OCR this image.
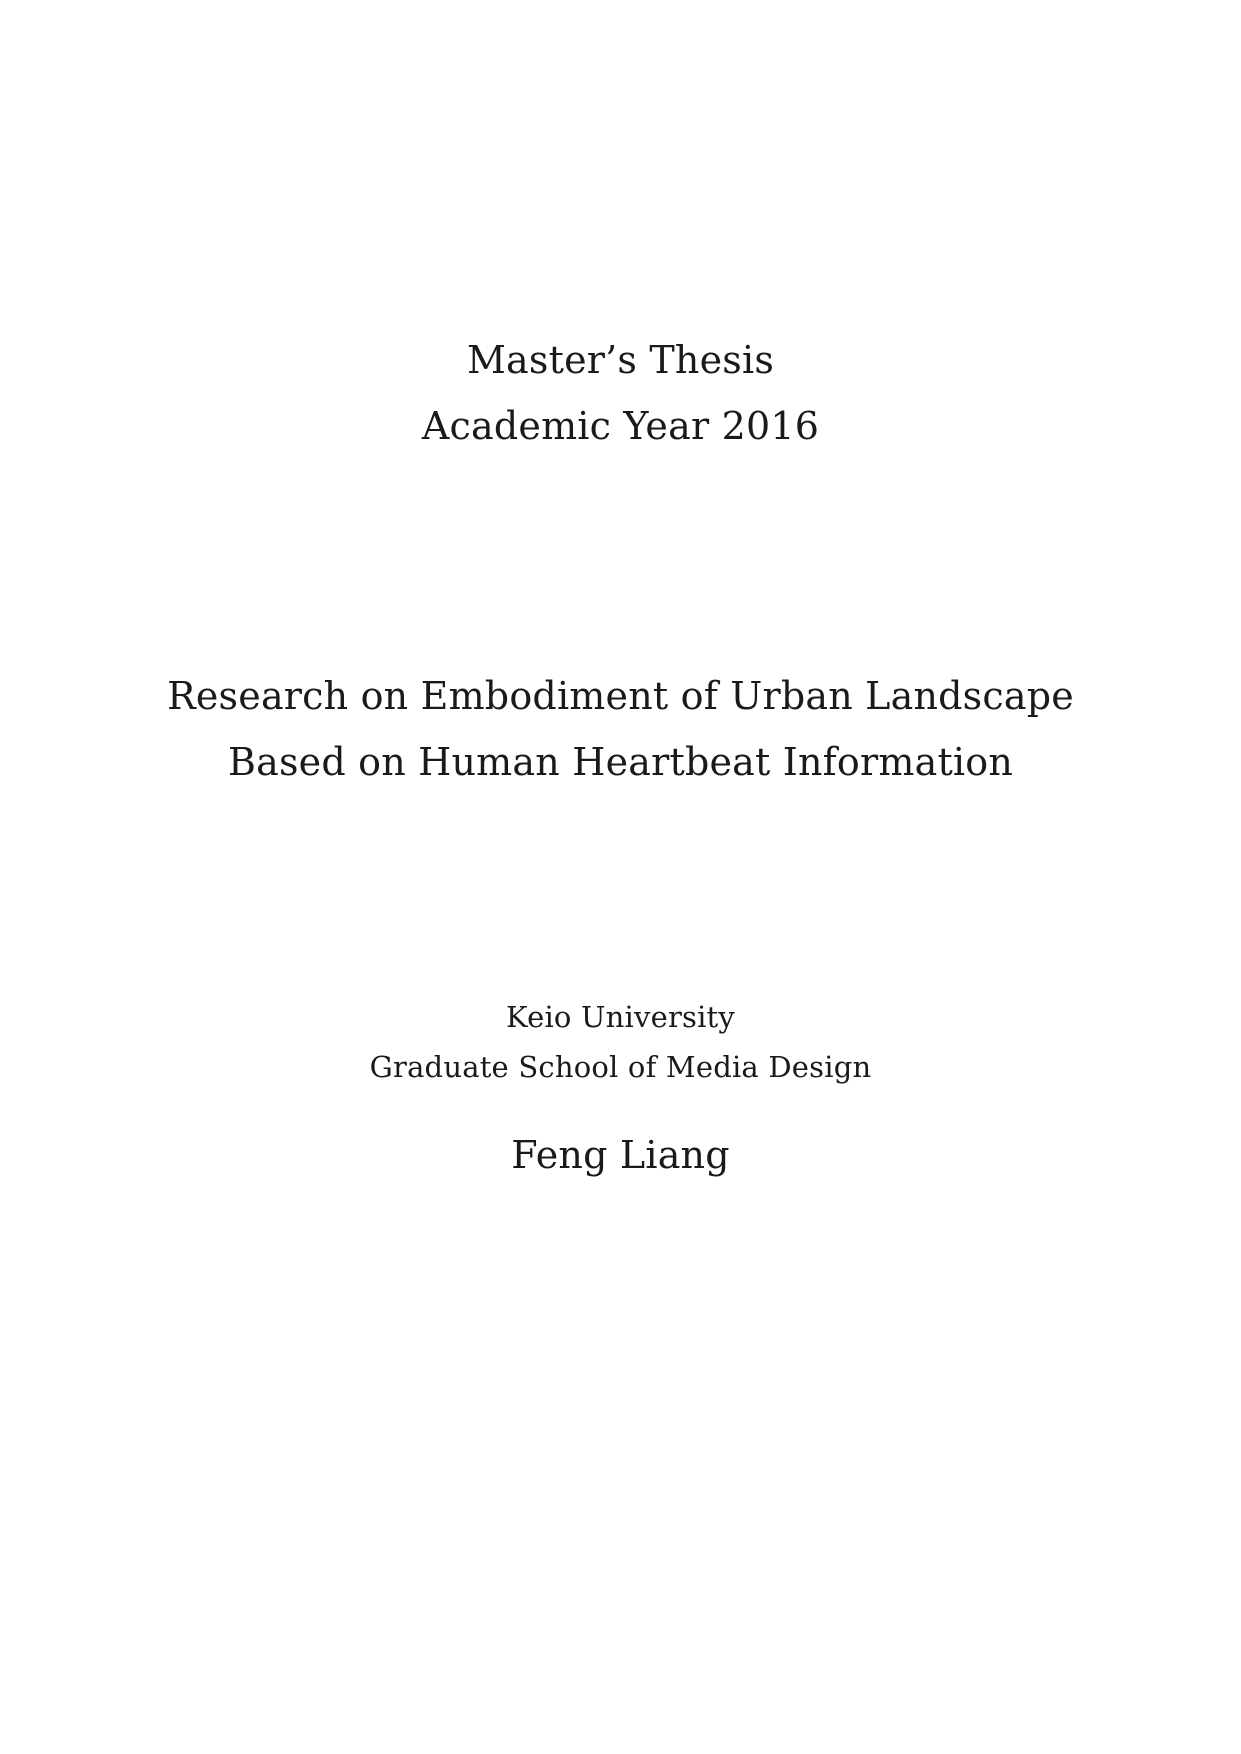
Master’s Thesis
Academic Year 2016
Research on Embodiment of Urban Landscape
Based on Human Heartbeat Information
Keio University
Graduate School of Media Design
Feng Liang
